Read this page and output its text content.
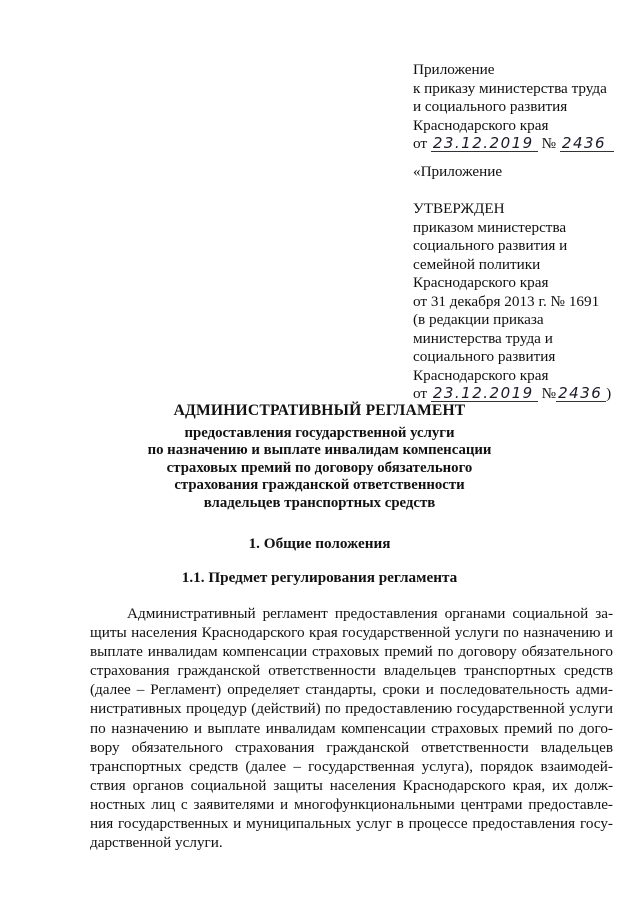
Приложение
к приказу министерства труда
и социального развития
Краснодарского края
от 23.12.2019 № 2436
«Приложение
УТВЕРЖДЕН
приказом министерства
социального развития и
семейной политики
Краснодарского края
от 31 декабря 2013 г. № 1691
(в редакции приказа
министерства труда и
социального развития
Краснодарского края
от 23.12.2019 № 2436 )
АДМИНИСТРАТИВНЫЙ РЕГЛАМЕНТ
предоставления государственной услуги
по назначению и выплате инвалидам компенсации
страховых премий по договору обязательного
страхования гражданской ответственности
владельцев транспортных средств
1. Общие положения
1.1. Предмет регулирования регламента
Административный регламент предоставления органами социальной за-
щиты населения Краснодарского края государственной услуги по назначению и
выплате инвалидам компенсации страховых премий по договору обязательного
страхования гражданской ответственности владельцев транспортных средств
(далее – Регламент) определяет стандарты, сроки и последовательность адми-
нистративных процедур (действий) по предоставлению государственной услуги
по назначению и выплате инвалидам компенсации страховых премий по дого-
вору обязательного страхования гражданской ответственности владельцев
транспортных средств (далее – государственная услуга), порядок взаимодей-
ствия органов социальной защиты населения Краснодарского края, их долж-
ностных лиц с заявителями и многофункциональными центрами предоставле-
ния государственных и муниципальных услуг в процессе предоставления госу-
дарственной услуги.
